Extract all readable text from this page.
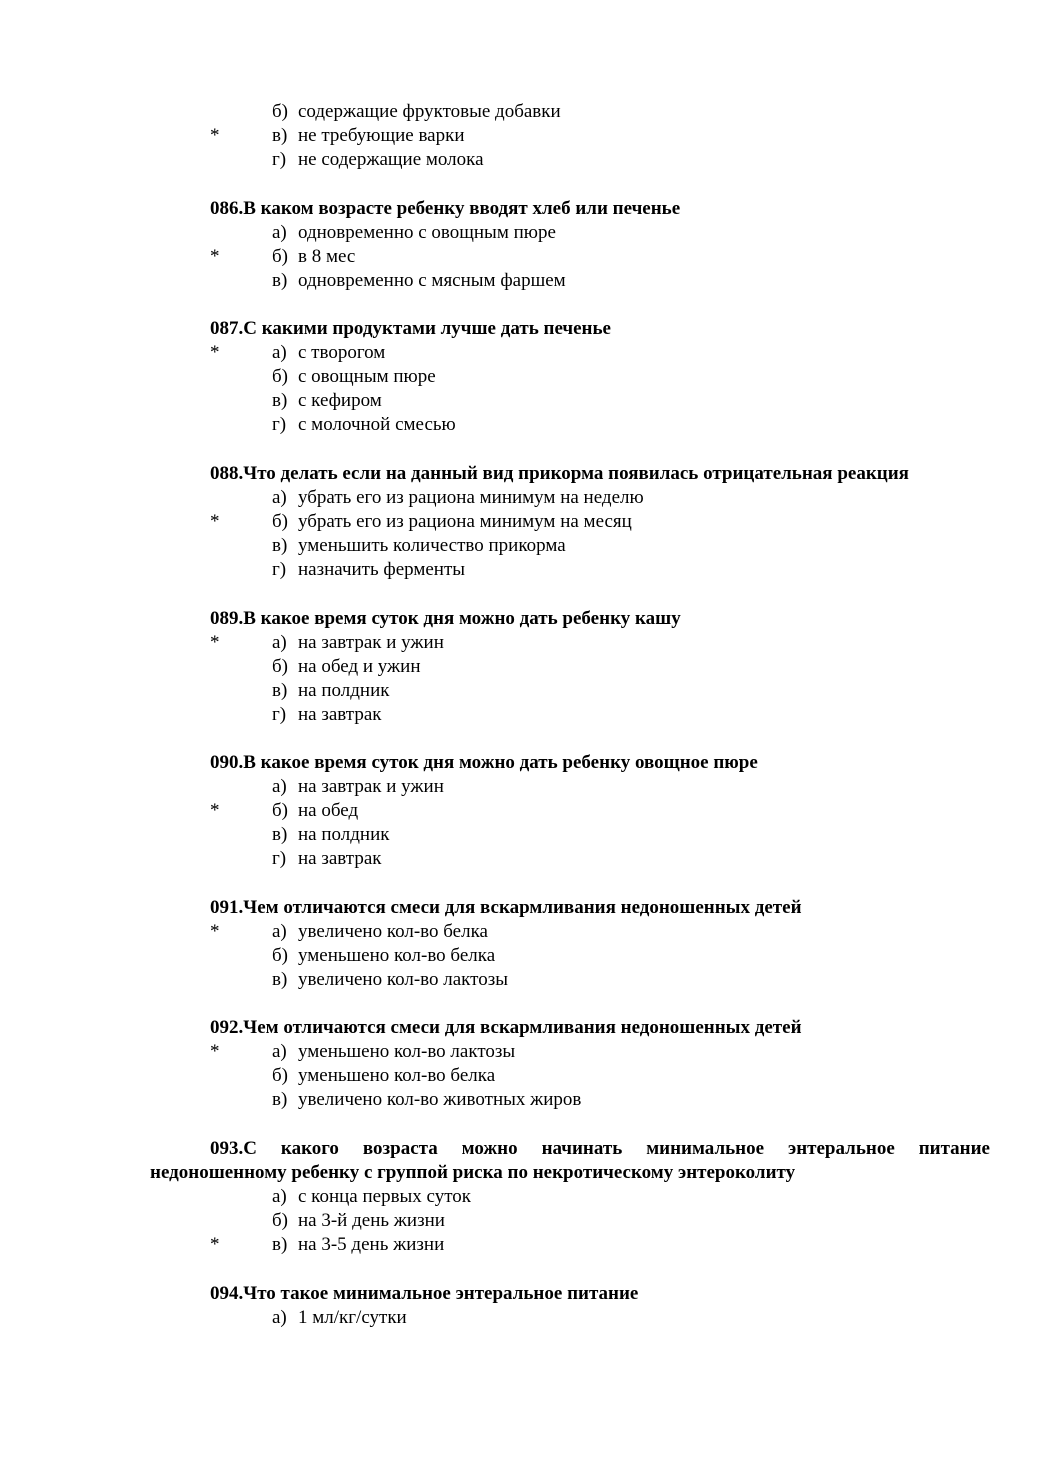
б) содержащие фруктовые добавки
*	в) не требующие варки
г) не содержащие молока
086.В каком возрасте ребенку вводят хлеб или печенье
а) одновременно с овощным пюре
*	б) в 8 мес
в) одновременно с мясным фаршем
087.С какими продуктами лучше дать печенье
*	а) с творогом
б) с овощным пюре
в) с кефиром
г) с молочной смесью
088.Что делать если на данный вид прикорма появилась отрицательная реакция
а) убрать его из рациона минимум на неделю
*	б) убрать его из рациона минимум на месяц
в) уменьшить количество прикорма
г) назначить ферменты
089.В какое время суток дня можно дать ребенку кашу
*	а) на завтрак и ужин
б) на обед и ужин
в) на полдник
г) на завтрак
090.В какое время суток дня можно дать ребенку овощное пюре
а) на завтрак и ужин
*	б) на обед
в) на полдник
г) на завтрак
091.Чем отличаются смеси для вскармливания недоношенных детей
*	а) увеличено кол-во белка
б) уменьшено кол-во белка
в) увеличено кол-во лактозы
092.Чем отличаются смеси для вскармливания недоношенных детей
*	а) уменьшено кол-во лактозы
б) уменьшено кол-во белка
в) увеличено кол-во животных жиров
093.С какого возраста можно начинать минимальное энтеральное питание
недоношенному ребенку с группой риска по некротическому энтероколиту
а) с конца первых суток
б) на 3-й день жизни
*	в) на 3-5 день жизни
094.Что такое минимальное энтеральное питание
а) 1 мл/кг/сутки
